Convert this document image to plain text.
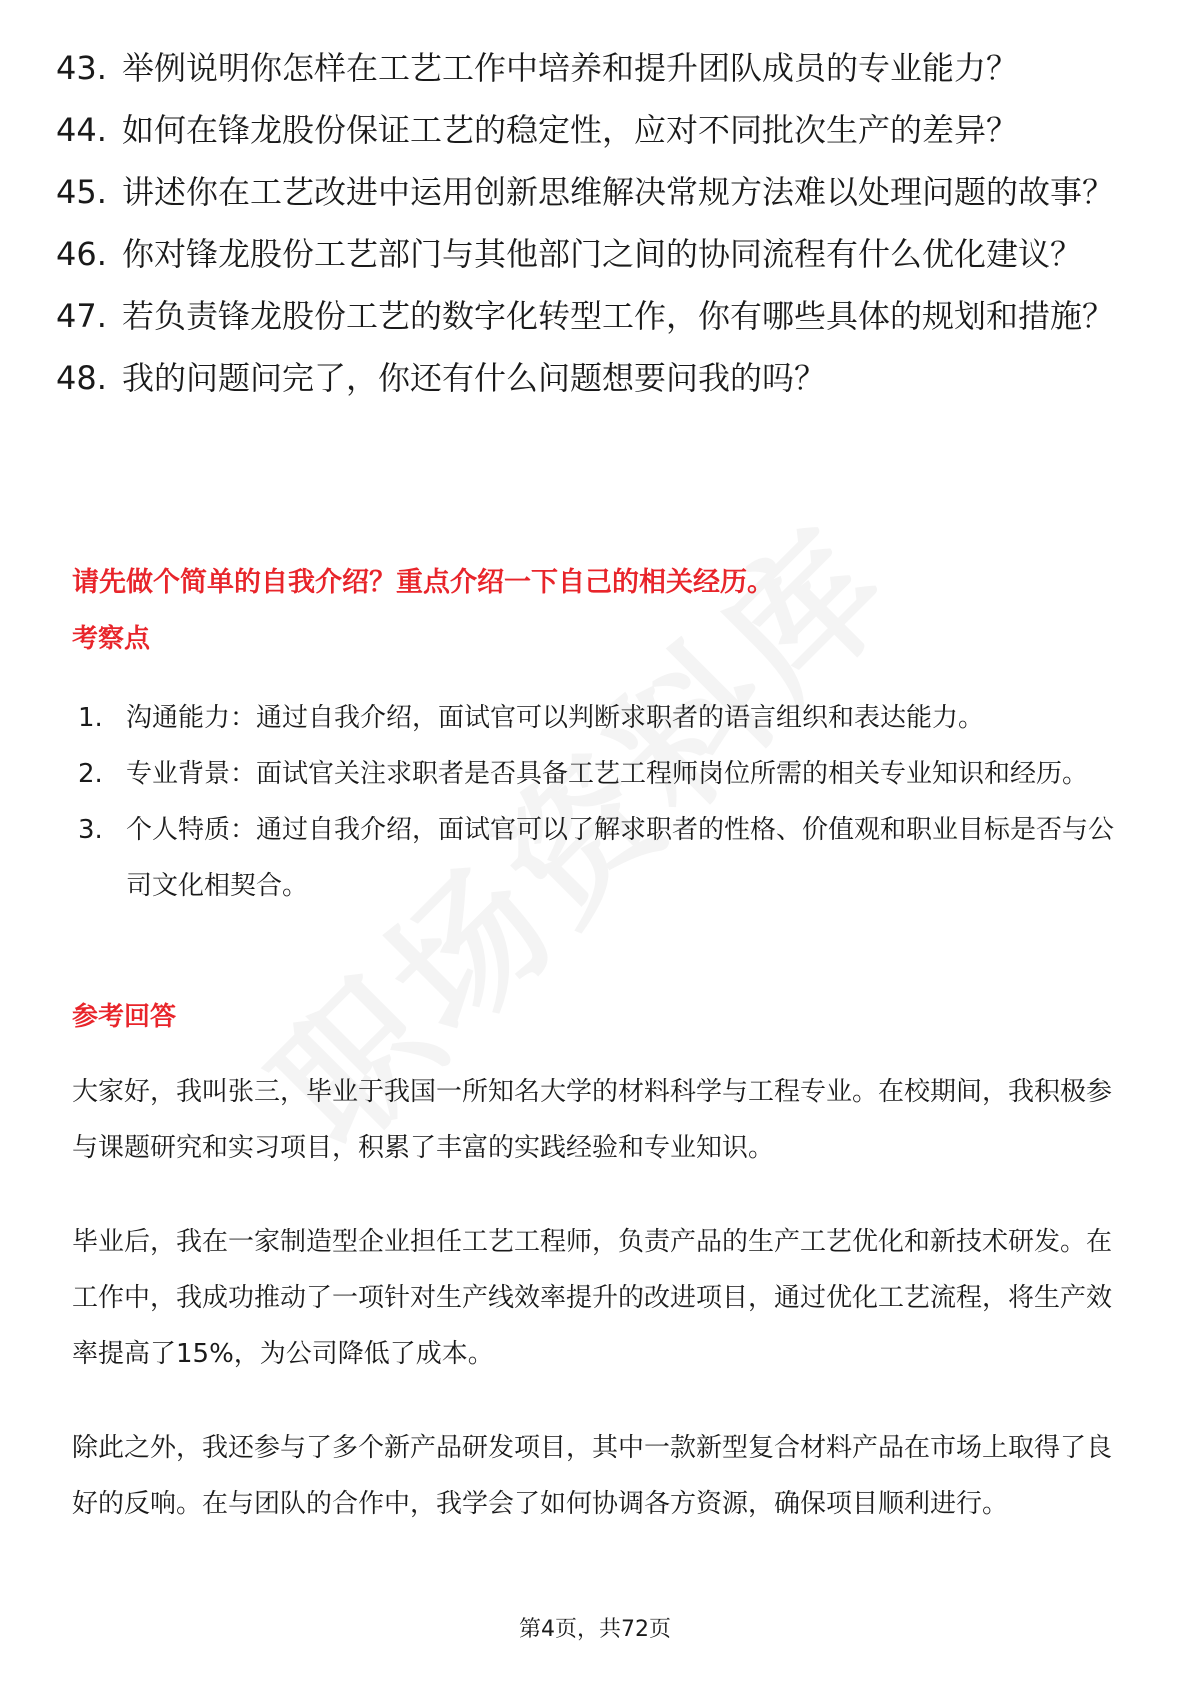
43. 举例说明你怎样在工艺工作中培养和提升团队成员的专业能力？
44. 如何在锋龙股份保证工艺的稳定性，应对不同批次生产的差异？
45. 讲述你在工艺改进中运用创新思维解决常规方法难以处理问题的故事？
46. 你对锋龙股份工艺部门与其他部门之间的协同流程有什么优化建议？
47. 若负责锋龙股份工艺的数字化转型工作，你有哪些具体的规划和措施？
48. 我的问题问完了，你还有什么问题想要问我的吗？
请先做个简单的自我介绍？重点介绍一下自己的相关经历。
考察点
1. 沟通能力：通过自我介绍，面试官可以判断求职者的语言组织和表达能力。
2. 专业背景：面试官关注求职者是否具备工艺工程师岗位所需的相关专业知识和经历。
3. 个人特质：通过自我介绍，面试官可以了解求职者的性格、价值观和职业目标是否与公司文化相契合。
参考回答

大家好，我叫张三，毕业于我国一所知名大学的材料科学与工程专业。在校期间，我积极参与课题研究和实习项目，积累了丰富的实践经验和专业知识。

毕业后，我在一家制造型企业担任工艺工程师，负责产品的生产工艺优化和新技术研发。在工作中，我成功推动了一项针对生产线效率提升的改进项目，通过优化工艺流程，将生产效率提高了15%，为公司降低了成本。

除此之外，我还参与了多个新产品研发项目，其中一款新型复合材料产品在市场上取得了良好的反响。在与团队的合作中，我学会了如何协调各方资源，确保项目顺利进行。

第4页，共72页
